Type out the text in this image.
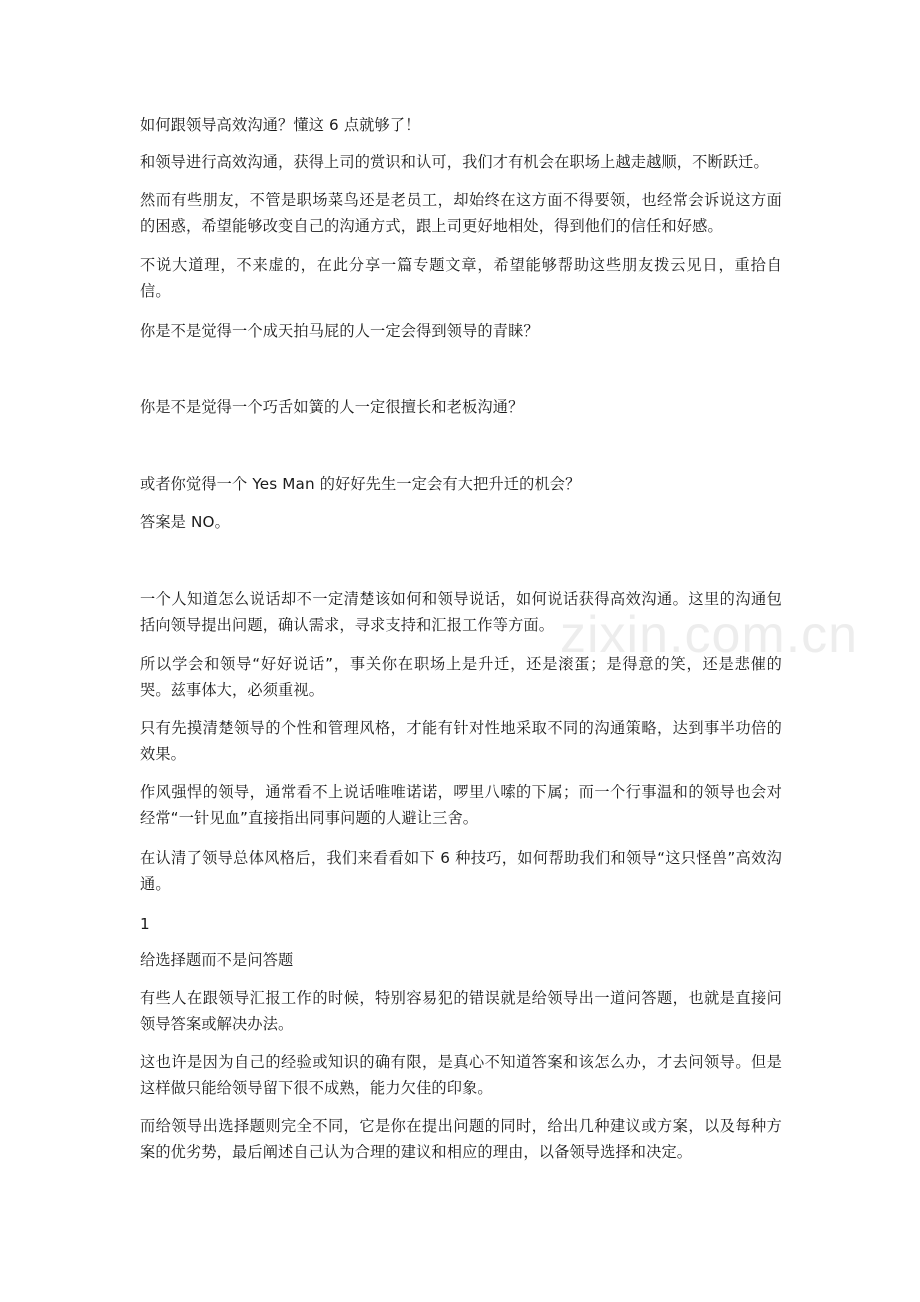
如何跟领导高效沟通？懂这 6 点就够了！
和领导进行高效沟通，获得上司的赏识和认可，我们才有机会在职场上越走越顺，不断跃迁。
然而有些朋友，不管是职场菜鸟还是老员工，却始终在这方面不得要领，也经常会诉说这方面的困惑，希望能够改变自己的沟通方式，跟上司更好地相处，得到他们的信任和好感。
不说大道理，不来虚的，在此分享一篇专题文章，希望能够帮助这些朋友拨云见日，重拾自信。
你是不是觉得一个成天拍马屁的人一定会得到领导的青睐？
你是不是觉得一个巧舌如簧的人一定很擅长和老板沟通？
或者你觉得一个 Yes Man 的好好先生一定会有大把升迁的机会？
答案是 NO。
一个人知道怎么说话却不一定清楚该如何和领导说话，如何说话获得高效沟通。这里的沟通包括向领导提出问题，确认需求，寻求支持和汇报工作等方面。
所以学会和领导“好好说话”，事关你在职场上是升迁，还是滚蛋；是得意的笑，还是悲催的哭。兹事体大，必须重视。
只有先摸清楚领导的个性和管理风格，才能有针对性地采取不同的沟通策略，达到事半功倍的效果。
作风强悍的领导，通常看不上说话唯唯诺诺，啰里八嗦的下属；而一个行事温和的领导也会对经常“一针见血”直接指出同事问题的人避让三舍。
在认清了领导总体风格后，我们来看看如下 6 种技巧，如何帮助我们和领导“这只怪兽”高效沟通。
1
给选择题而不是问答题
有些人在跟领导汇报工作的时候，特别容易犯的错误就是给领导出一道问答题，也就是直接问领导答案或解决办法。
这也许是因为自己的经验或知识的确有限，是真心不知道答案和该怎么办，才去问领导。但是这样做只能给领导留下很不成熟，能力欠佳的印象。
而给领导出选择题则完全不同，它是你在提出问题的同时，给出几种建议或方案，以及每种方案的优劣势，最后阐述自己认为合理的建议和相应的理由，以备领导选择和决定。
zixin.com.cn
